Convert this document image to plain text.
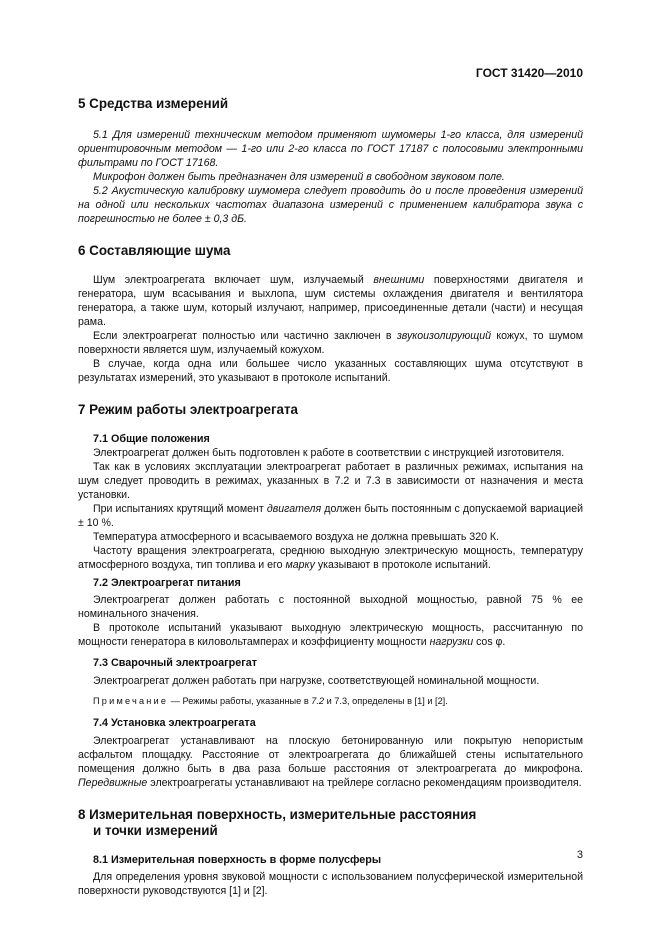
ГОСТ 31420—2010
5 Средства измерений

5.1 Для измерений техническим методом применяют шумомеры 1-го класса, для измерений ориентировочным методом — 1-го или 2-го класса по ГОСТ 17187 с полосовыми электронными фильтрами по ГОСТ 17168.

Микрофон должен быть предназначен для измерений в свободном звуковом поле.

5.2 Акустическую калибровку шумомера следует проводить до и после проведения измерений на одной или нескольких частотах диапазона измерений с применением калибратора звука с погрешностью не более ± 0,3 дБ.

6 Составляющие шума

Шум электроагрегата включает шум, излучаемый внешними поверхностями двигателя и генератора, шум всасывания и выхлопа, шум системы охлаждения двигателя и вентилятора генератора, а также шум, который излучают, например, присоединенные детали (части) и несущая рама.

Если электроагрегат полностью или частично заключен в звукоизолирующий кожух, то шумом поверхности является шум, излучаемый кожухом.

В случае, когда одна или большее число указанных составляющих шума отсутствуют в результатах измерений, это указывают в протоколе испытаний.

7 Режим работы электроагрегата
7.1 Общие положения

Электроагрегат должен быть подготовлен к работе в соответствии с инструкцией изготовителя.

Так как в условиях эксплуатации электроагрегат работает в различных режимах, испытания на шум следует проводить в режимах, указанных в 7.2 и 7.3 в зависимости от назначения и места установки.

При испытаниях крутящий момент двигателя должен быть постоянным с допускаемой вариацией ± 10 %.

Температура атмосферного и всасываемого воздуха не должна превышать 320 К.

Частоту вращения электроагрегата, среднюю выходную электрическую мощность, температуру атмосферного воздуха, тип топлива и его марку указывают в протоколе испытаний.

7.2 Электроагрегат питания

Электроагрегат должен работать с постоянной выходной мощностью, равной 75 % ее номинального значения.

В протоколе испытаний указывают выходную электрическую мощность, рассчитанную по мощности генератора в киловольтамперах и коэффициенту мощности нагрузки cos φ.

7.3 Сварочный электроагрегат

Электроагрегат должен работать при нагрузке, соответствующей номинальной мощности.

Примечание — Режимы работы, указанные в 7.2 и 7.3, определены в [1] и [2].

7.4 Установка электроагрегата

Электроагрегат устанавливают на плоскую бетонированную или покрытую непористым асфальтом площадку. Расстояние от электроагрегата до ближайшей стены испытательного помещения должно быть в два раза больше расстояния от электроагрегата до микрофона. Передвижные электроагрегаты устанавливают на трейлере согласно рекомендациям производителя.

8 Измерительная поверхность, измерительные расстояния
и точки измерений
8.1 Измерительная поверхность в форме полусферы

Для определения уровня звуковой мощности с использованием полусферической измерительной поверхности руководствуются [1] и [2].

3
